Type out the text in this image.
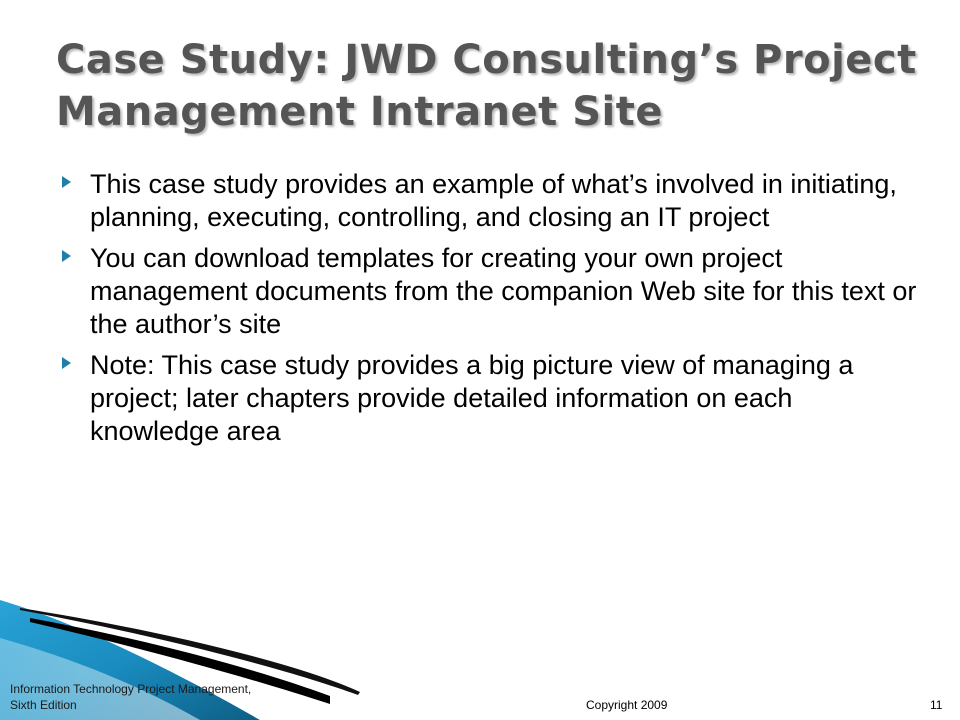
Case Study: JWD Consulting’s Project Management Intranet Site
This case study provides an example of what’s involved in initiating, planning, executing, controlling, and closing an IT project
You can download templates for creating your own project management documents from the companion Web site for this text or the author’s site
Note: This case study provides a big picture view of managing a project; later chapters provide detailed information on each knowledge area
Information Technology Project Management, Sixth Edition	Copyright 2009	11
